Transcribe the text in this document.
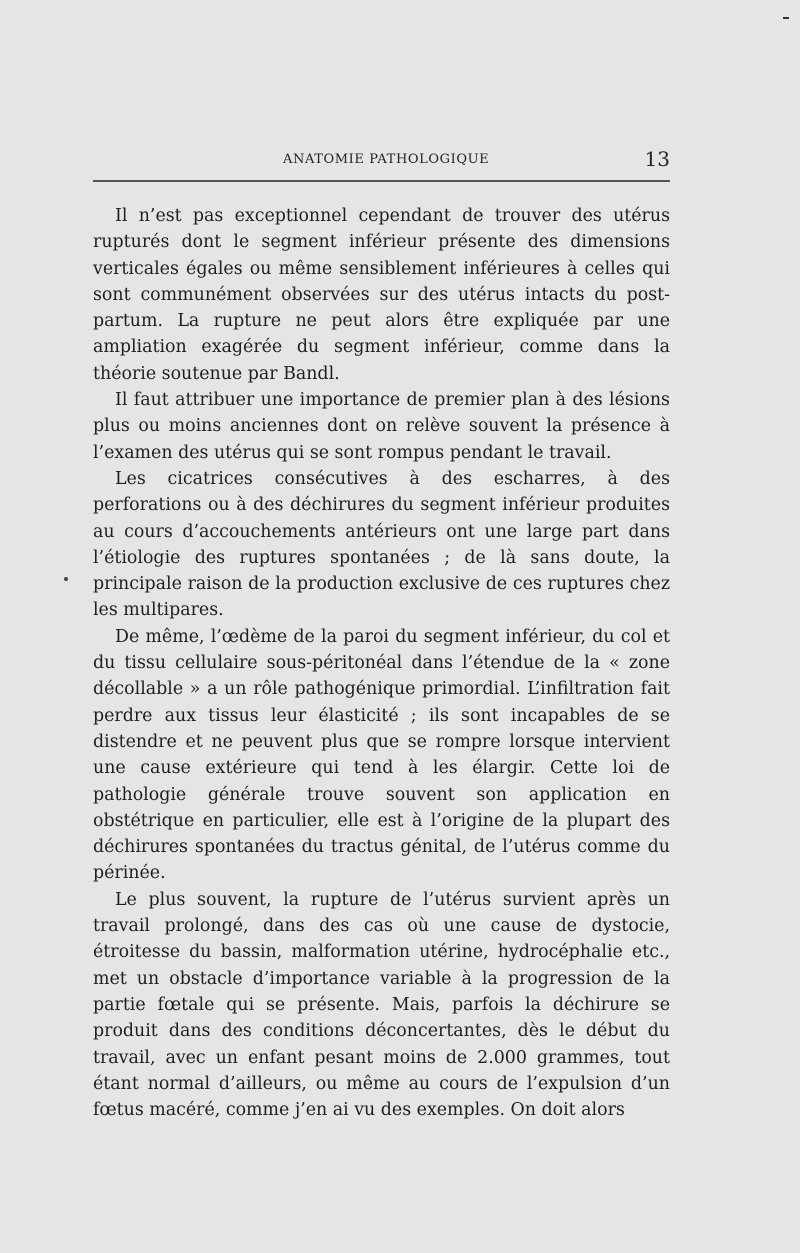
ANATOMIE PATHOLOGIQUE	13

Il n’est pas exceptionnel cependant de trouver des utérus rupturés dont le segment inférieur présente des dimensions verticales égales ou même sensiblement inférieures à celles qui sont communément observées sur des utérus intacts du post-partum. La rupture ne peut alors être expliquée par une ampliation exagérée du segment inférieur, comme dans la théorie soutenue par Bandl.

Il faut attribuer une importance de premier plan à des lésions plus ou moins anciennes dont on relève souvent la présence à l’examen des utérus qui se sont rompus pendant le travail.

Les cicatrices consécutives à des escharres, à des perforations ou à des déchirures du segment inférieur produites au cours d’accouchements antérieurs ont une large part dans l’étiologie des ruptures spontanées ; de là sans doute, la principale raison de la production exclusive de ces ruptures chez les multipares.

De même, l’œdème de la paroi du segment inférieur, du col et du tissu cellulaire sous-péritonéal dans l’étendue de la « zone décollable » a un rôle pathogénique primordial. L’infiltration fait perdre aux tissus leur élasticité ; ils sont incapables de se distendre et ne peuvent plus que se rompre lorsque intervient une cause extérieure qui tend à les élargir. Cette loi de pathologie générale trouve souvent son application en obstétrique en particulier, elle est à l’origine de la plupart des déchirures spontanées du tractus génital, de l’utérus comme du périnée.

Le plus souvent, la rupture de l’utérus survient après un travail prolongé, dans des cas où une cause de dystocie, étroitesse du bassin, malformation utérine, hydrocéphalie etc., met un obstacle d’importance variable à la progression de la partie fœtale qui se présente. Mais, parfois la déchirure se produit dans des conditions déconcertantes, dès le début du travail, avec un enfant pesant moins de 2.000 grammes, tout étant normal d’ailleurs, ou même au cours de l’expulsion d’un fœtus macéré, comme j’en ai vu des exemples. On doit alors
